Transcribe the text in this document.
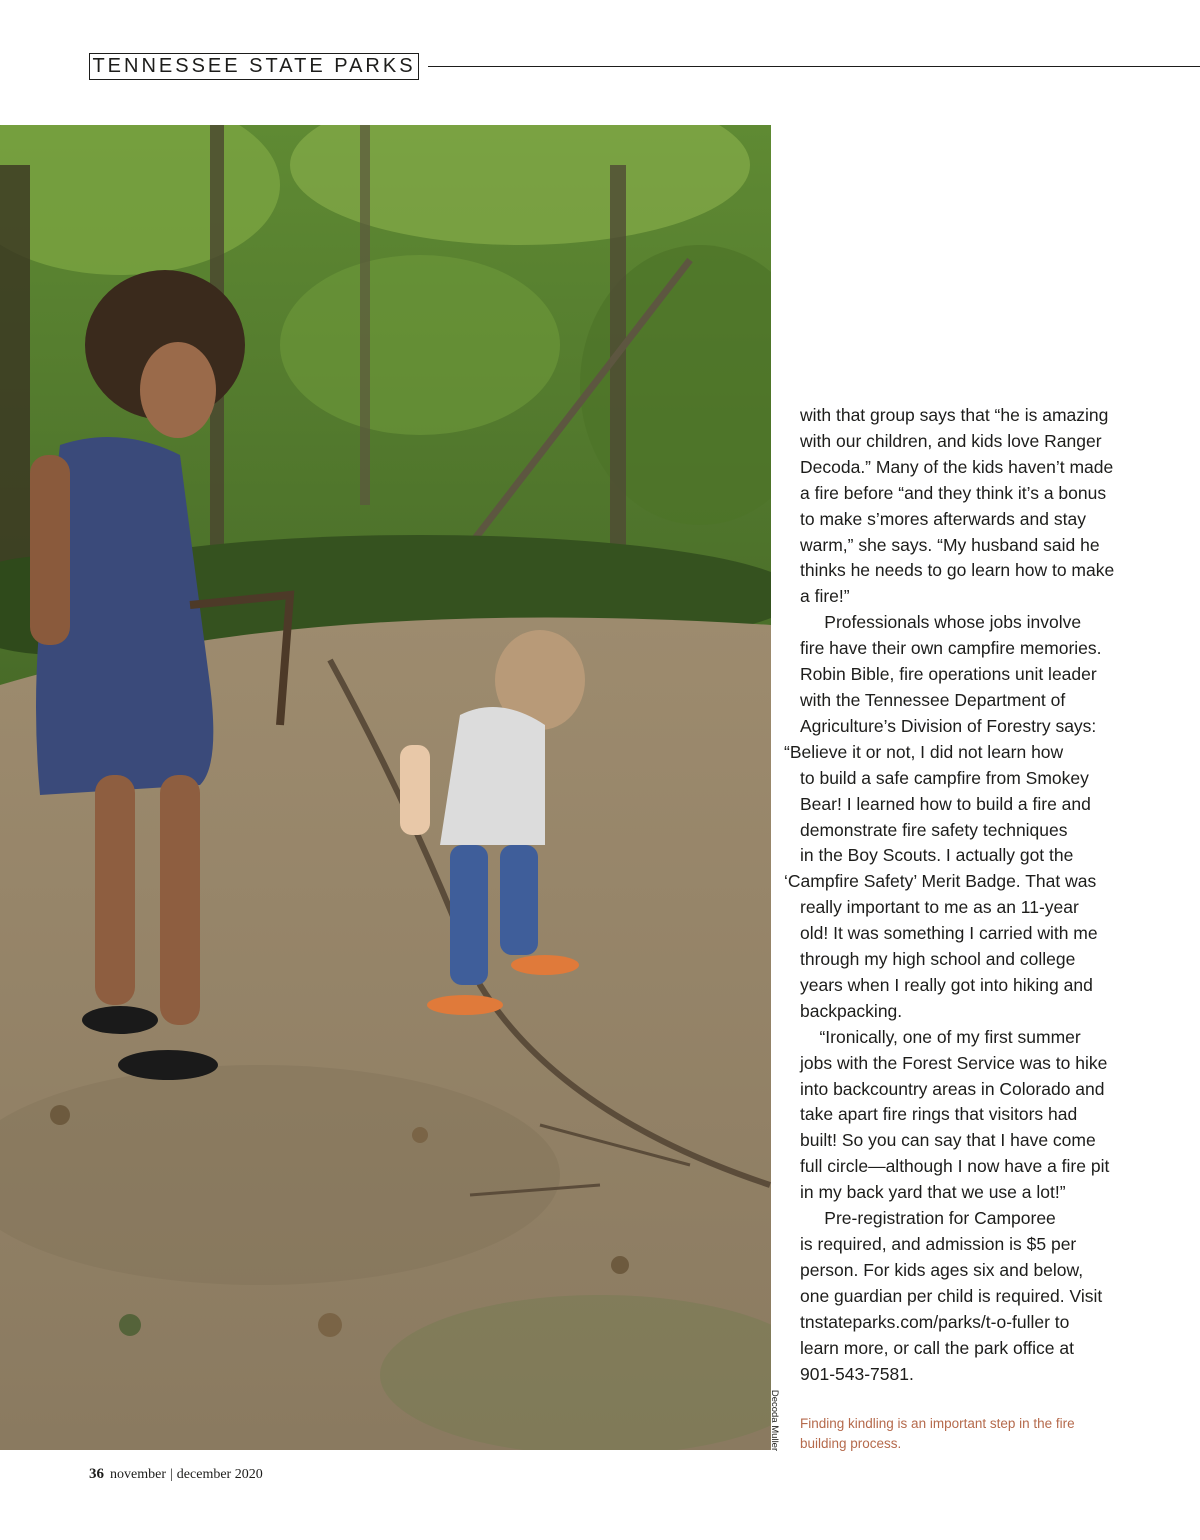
TENNESSEE STATE PARKS
Decoda Muller

with that group says that “he is amazing

with our children, and kids love Ranger

Decoda.” Many of the kids haven’t made

a fire before “and they think it’s a bonus

to make s’mores afterwards and stay

warm,” she says. “My husband said he

thinks he needs to go learn how to make

a fire!”

Professionals whose jobs involve

fire have their own campfire memories.

Robin Bible, fire operations unit leader

with the Tennessee Department of

Agriculture’s Division of Forestry says:

“Believe it or not, I did not learn how

to build a safe campfire from Smokey

Bear! I learned how to build a fire and

demonstrate fire safety techniques

in the Boy Scouts. I actually got the

‘Campfire Safety’ Merit Badge. That was

really important to me as an 11-year

old! It was something I carried with me

through my high school and college

years when I really got into hiking and

backpacking.

“Ironically, one of my first summer

jobs with the Forest Service was to hike

into backcountry areas in Colorado and

take apart fire rings that visitors had

built! So you can say that I have come

full circle—although I now have a fire pit

in my back yard that we use a lot!”

Pre-registration for Camporee

is required, and admission is $5 per

person. For kids ages six and below,

one guardian per child is required. Visit

tnstateparks.com/parks/t-o-fuller to

learn more, or call the park office at

901-543-7581.

Finding kindling is an important step in the fire
building process.
36 november | december 2020
